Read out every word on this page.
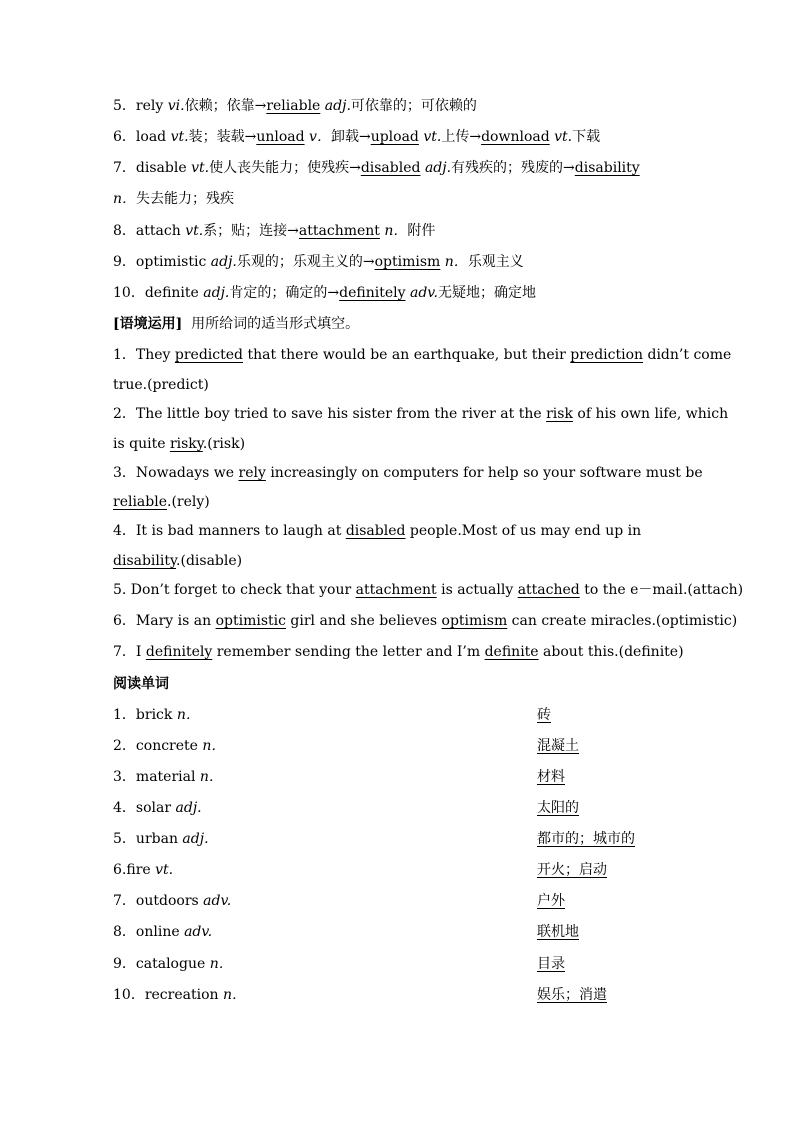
5．rely vi.依赖；依靠→reliable adj.可依靠的；可依赖的
6．load vt.装；装载→unload v．卸载→upload vt.上传→download vt.下载
7．disable vt.使人丧失能力；使残疾→disabled adj.有残疾的；残废的→disability
n．失去能力；残疾
8．attach vt.系；贴；连接→attachment n．附件
9．optimistic adj.乐观的；乐观主义的→optimism n．乐观主义
10．definite adj.肯定的；确定的→definitely adv.无疑地；确定地
[语境运用] 用所给词的适当形式填空。
1．They predicted that there would be an earthquake, but their prediction didn’t come
true.(predict)
2．The little boy tried to save his sister from the river at the risk of his own life, which
is quite risky.(risk)
3．Nowadays we rely increasingly on computers for help so your software must be
reliable.(rely)
4．It is bad manners to laugh at disabled people.Most of us may end up in
disability.(disable)
5. Don’t forget to check that your attachment is actually attached to the e－mail.(attach)
6．Mary is an optimistic girl and she believes optimism can create miracles.(optimistic)
7．I definitely remember sending the letter and I’m definite about this.(definite)
阅读单词
1．brick n．	砖
2．concrete n．	混凝土
3．material n．	材料
4．solar adj.	太阳的
5．urban adj.	都市的；城市的
6.fire vt.	开火；启动
7．outdoors adv.	户外
8．online adv.	联机地
9．catalogue n．	目录
10．recreation n．	娱乐；消遣
